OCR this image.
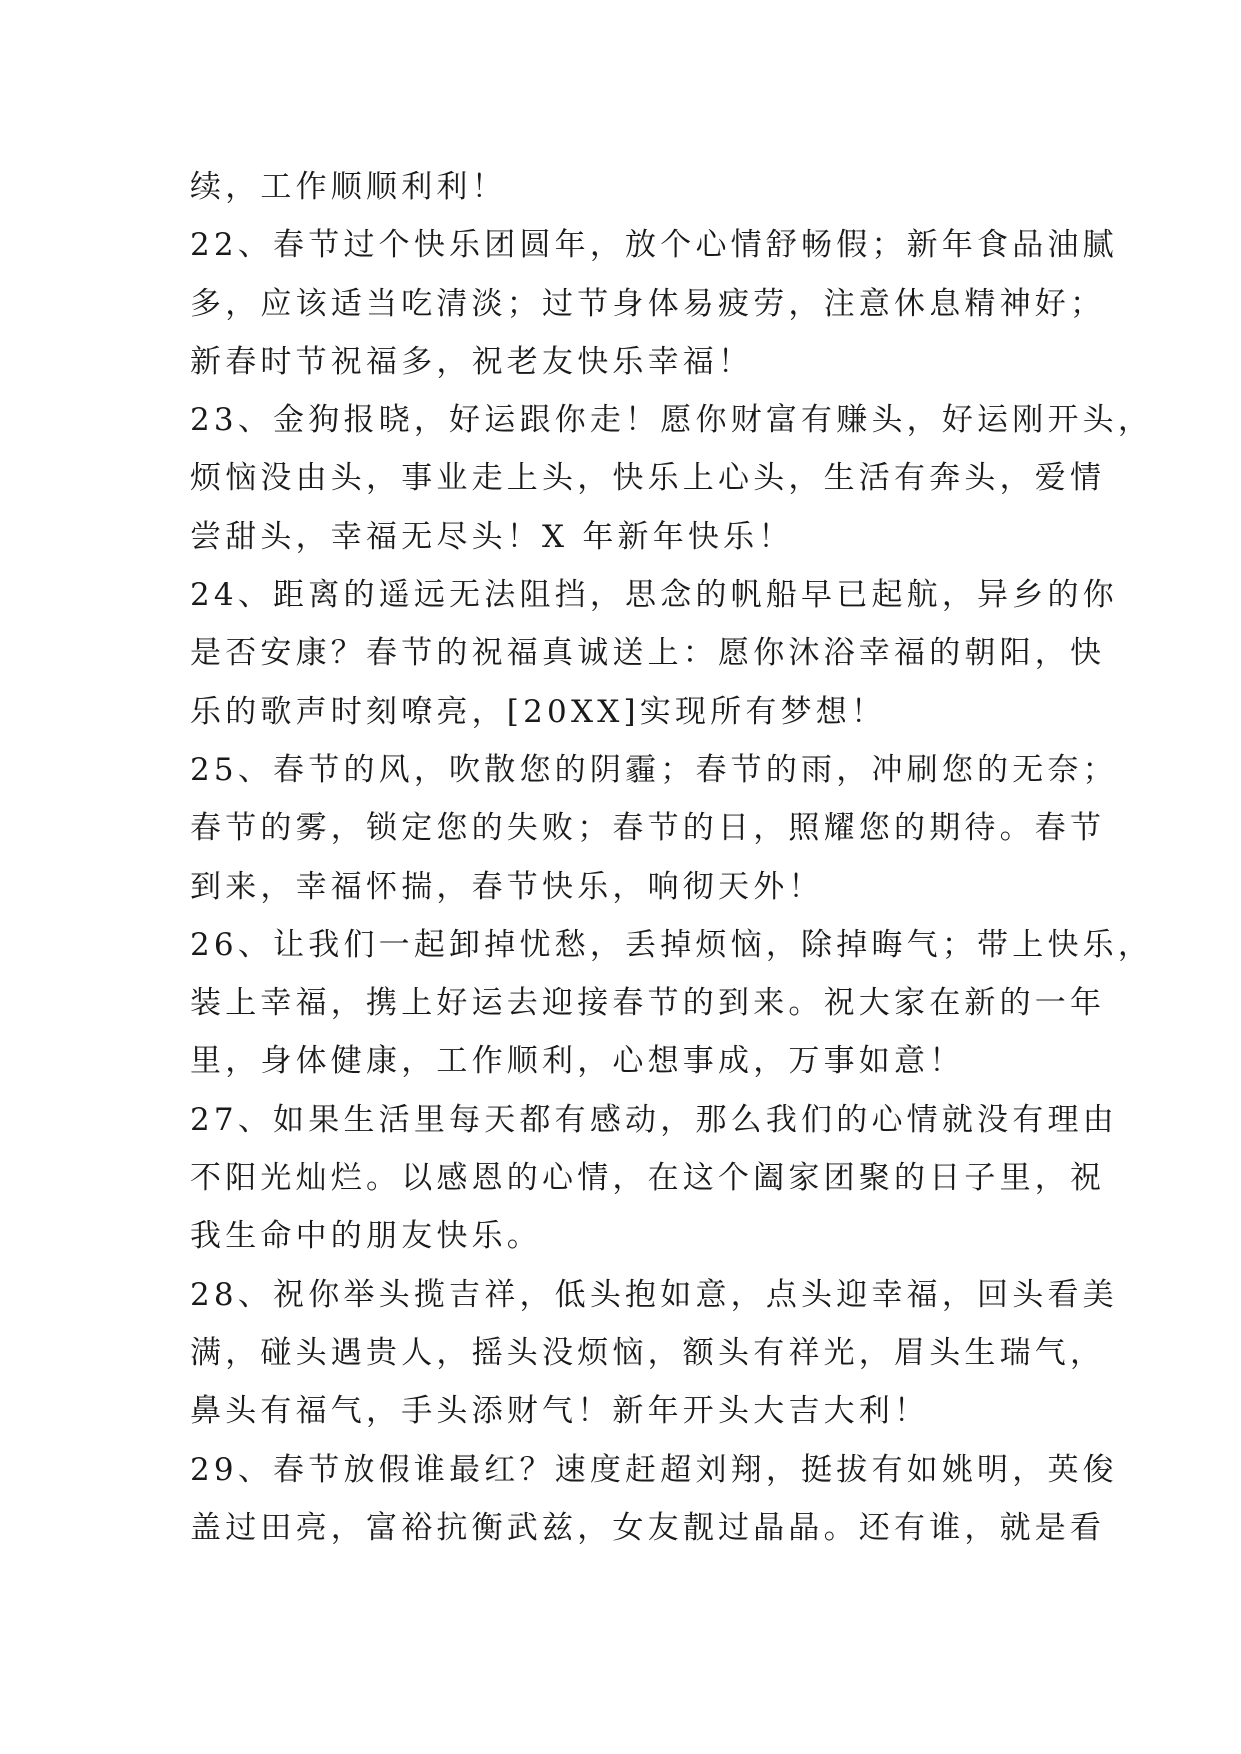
续，工作顺顺利利！
22、春节过个快乐团圆年，放个心情舒畅假；新年食品油腻
多，应该适当吃清淡；过节身体易疲劳，注意休息精神好；
新春时节祝福多，祝老友快乐幸福！
23、金狗报晓，好运跟你走！愿你财富有赚头，好运刚开头，
烦恼没由头，事业走上头，快乐上心头，生活有奔头，爱情
尝甜头，幸福无尽头！X 年新年快乐！
24、距离的遥远无法阻挡，思念的帆船早已起航，异乡的你
是否安康？春节的祝福真诚送上：愿你沐浴幸福的朝阳，快
乐的歌声时刻嘹亮，[20XX]实现所有梦想！
25、春节的风，吹散您的阴霾；春节的雨，冲刷您的无奈；
春节的雾，锁定您的失败；春节的日，照耀您的期待。春节
到来，幸福怀揣，春节快乐，响彻天外！
26、让我们一起卸掉忧愁，丢掉烦恼，除掉晦气；带上快乐，
装上幸福，携上好运去迎接春节的到来。祝大家在新的一年
里，身体健康，工作顺利，心想事成，万事如意！
27、如果生活里每天都有感动，那么我们的心情就没有理由
不阳光灿烂。以感恩的心情，在这个阖家团聚的日子里，祝
我生命中的朋友快乐。
28、祝你举头揽吉祥，低头抱如意，点头迎幸福，回头看美
满，碰头遇贵人，摇头没烦恼，额头有祥光，眉头生瑞气，
鼻头有福气，手头添财气！新年开头大吉大利！
29、春节放假谁最红？速度赶超刘翔，挺拔有如姚明，英俊
盖过田亮，富裕抗衡武兹，女友靓过晶晶。还有谁，就是看
